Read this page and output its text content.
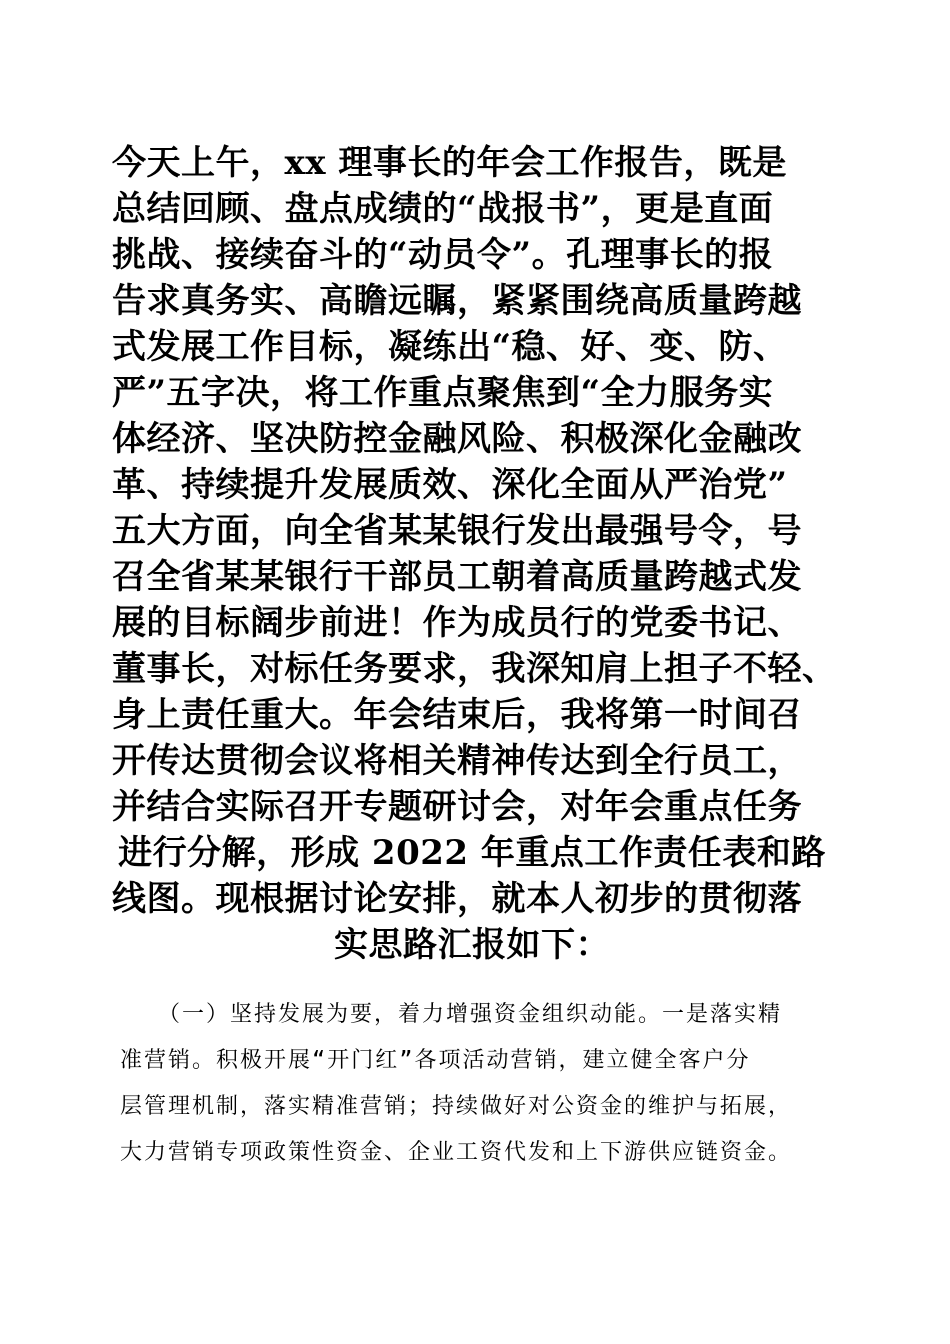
今天上午，xx 理事长的年会工作报告，既是
总结回顾、盘点成绩的“战报书”，更是直面
挑战、接续奋斗的“动员令”。孔理事长的报
告求真务实、高瞻远瞩，紧紧围绕高质量跨越
式发展工作目标，凝练出“稳、好、变、防、
严”五字决，将工作重点聚焦到“全力服务实
体经济、坚决防控金融风险、积极深化金融改
革、持续提升发展质效、深化全面从严治党”
五大方面，向全省某某银行发出最强号令，号
召全省某某银行干部员工朝着高质量跨越式发
展的目标阔步前进！作为成员行的党委书记、
董事长，对标任务要求，我深知肩上担子不轻、
身上责任重大。年会结束后，我将第一时间召
开传达贯彻会议将相关精神传达到全行员工，
并结合实际召开专题研讨会，对年会重点任务
进行分解，形成 2022 年重点工作责任表和路
线图。现根据讨论安排，就本人初步的贯彻落
实思路汇报如下：
（一）坚持发展为要，着力增强资金组织动能。一是落实精
准营销。积极开展“开门红”各项活动营销，建立健全客户分
层管理机制，落实精准营销；持续做好对公资金的维护与拓展，
大力营销专项政策性资金、企业工资代发和上下游供应链资金。
